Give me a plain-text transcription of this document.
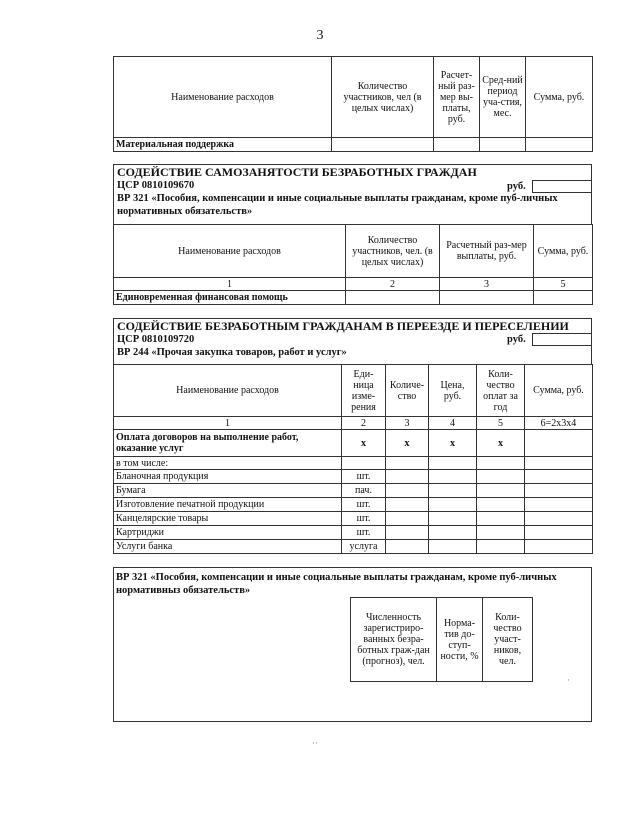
3
Наименование расходов	Количество участников, чел (в целых числах)	Расчет-ный раз-мер вы-платы, руб.	Сред-ний период уча-стия, мес.	Сумма, руб.
Материальная поддержка				
СОДЕЙСТВИЕ САМОЗАНЯТОСТИ БЕЗРАБОТНЫХ ГРАЖДАН
ЦСР 0810109670
ВР 321 «Пособия, компенсации и иные социальные выплаты гражданам, кроме пуб-личных нормативных обязательств»
руб.
Наименование расходов	Количество участников, чел. (в целых числах)	Расчетный раз-мер выплаты, руб.	Сумма, руб.
1	2	3	5
Единовременная финансовая помощь			
СОДЕЙСТВИЕ БЕЗРАБОТНЫМ ГРАЖДАНАМ В ПЕРЕЕЗДЕ И ПЕРЕСЕЛЕНИИ
ЦСР 0810109720
ВР 244 «Прочая закупка товаров, работ и услуг»
руб.
Наименование расходов	Еди-ница изме-рения	Количе-ство	Цена, руб.	Коли-чество оплат за год	Сумма, руб.
1	2	3	4	5	6=2x3x4
Оплата договоров на выполнение работ, оказание услуг	х	х	х	х	
в том числе:					
Бланочная продукция	шт.				
Бумага	пач.				
Изготовление печатной продукции	шт.				
Канцелярские товары	шт.				
Картриджи	шт.				
Услуги банка	услуга				
ВР 321 «Пособия, компенсации и иные социальные выплаты гражданам, кроме пуб-личных нормативныз обязательств»
Численность зарегистриро-ванных безра-ботных граж-дан (прогноз), чел.	Норма-тив до-ступ-ности, %	Коли-чество участ-ников, чел.
·
··
